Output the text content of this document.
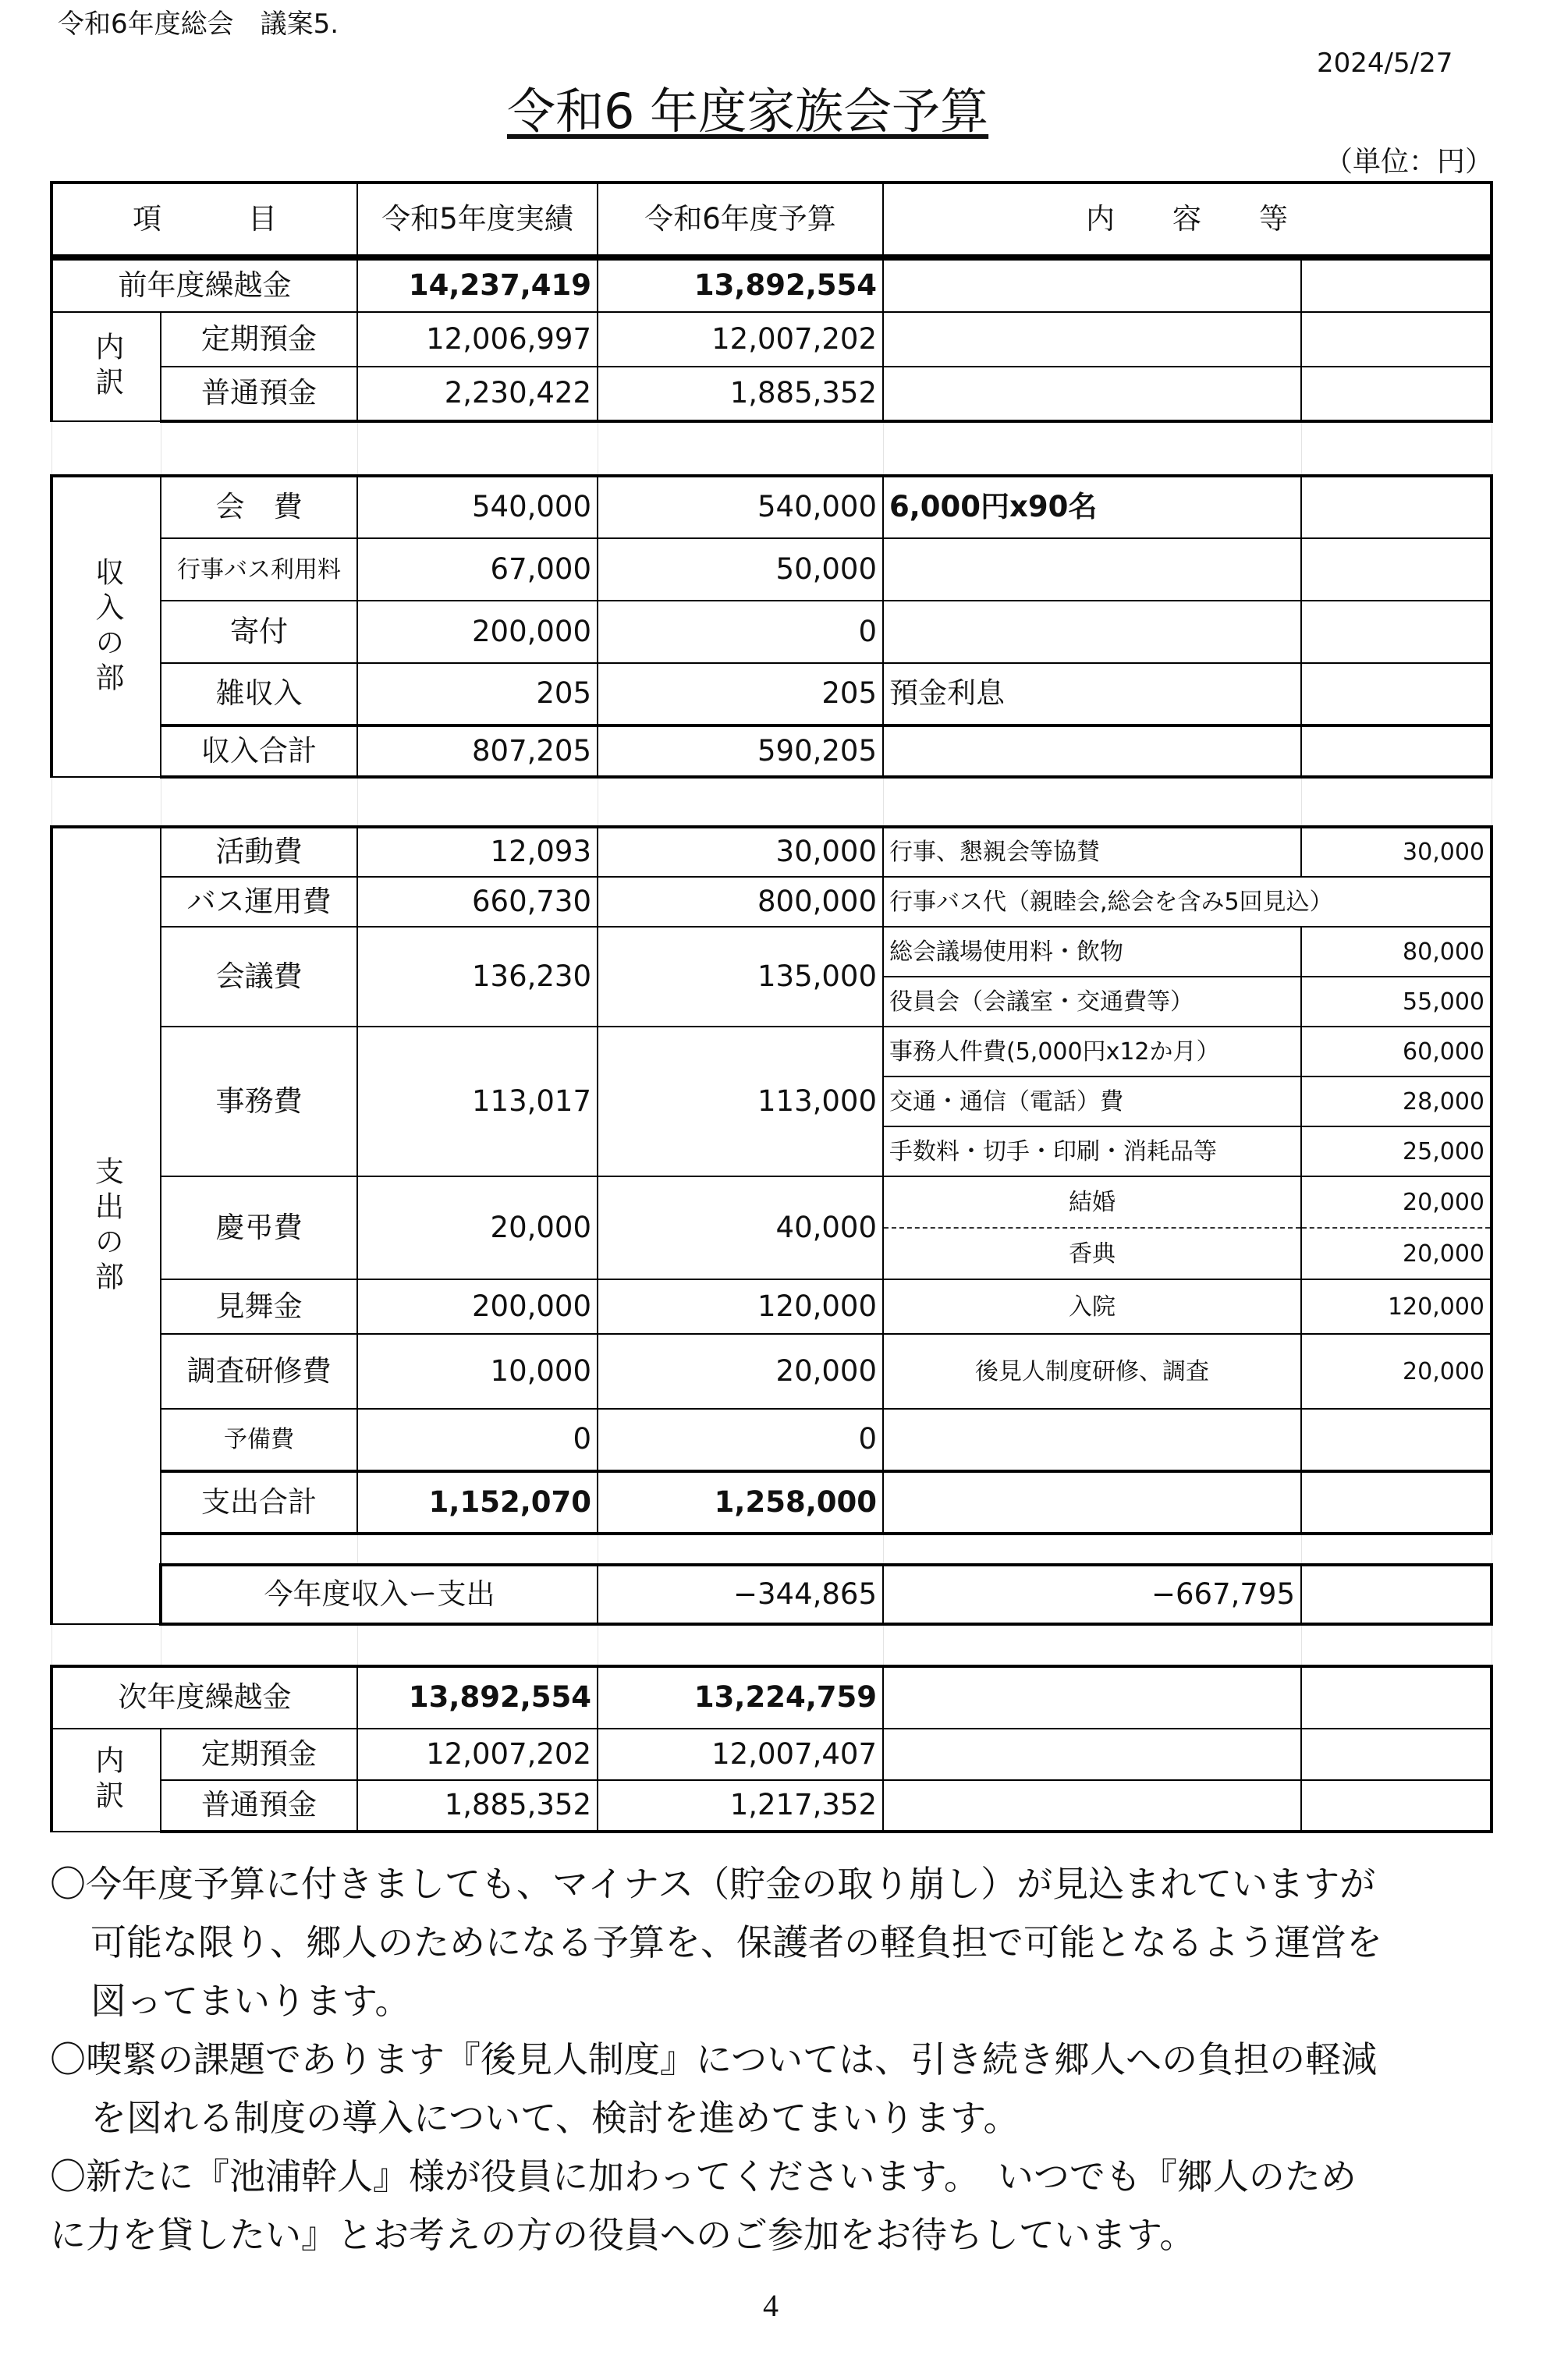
令和6年度総会　議案5.
2024/5/27
令和6 年度家族会予算
（単位：円）
項　　　目		令和5年度実績	令和6年度予算	内　　容　　等		

前年度繰越金		14,237,419	13,892,554			
内訳	定期預金	12,006,997	12,007,202			
	普通預金	2,230,422	1,885,352			

収入の部	会　費	540,000	540,000	6,000円x90名		
	行事バス利用料	67,000	50,000			
	寄付	200,000	0			
	雑収入	205	205	預金利息		
	収入合計	807,205	590,205			

支出の部	活動費	12,093	30,000	行事、懇親会等協賛	30,000	
	バス運用費	660,730	800,000	行事バス代（親睦会,総会を含み5回見込）		
	会議費	136,230	135,000	総会議場使用料・飲物	80,000	
				役員会（会議室・交通費等）	55,000	
	事務費	113,017	113,000	事務人件費(5,000円x12か月）	60,000	
				交通・通信（電話）費	28,000	
				手数料・切手・印刷・消耗品等	25,000	
	慶弔費	20,000	40,000	結婚	20,000	
				香典	20,000	
	見舞金	200,000	120,000	入院	120,000	
	調査研修費	10,000	20,000	後見人制度研修、調査	20,000	
	予備費	0	0			
	支出合計	1,152,070	1,258,000			

	今年度収入ー支出		−344,865	−667,795		

次年度繰越金		13,892,554	13,224,759			
内訳	定期預金	12,007,202	12,007,407			
	普通預金	1,885,352	1,217,352			

〇今年度予算に付きましても、マイナス（貯金の取り崩し）が見込まれていますが

可能な限り、郷人のためになる予算を、保護者の軽負担で可能となるよう運営を

図ってまいります。

〇喫緊の課題であります『後見人制度』については、引き続き郷人への負担の軽減

を図れる制度の導入について、検討を進めてまいります。

〇新たに『池浦幹人』様が役員に加わってくださいます。　いつでも『郷人のため

に力を貸したい』とお考えの方の役員へのご参加をお待ちしています。

4
